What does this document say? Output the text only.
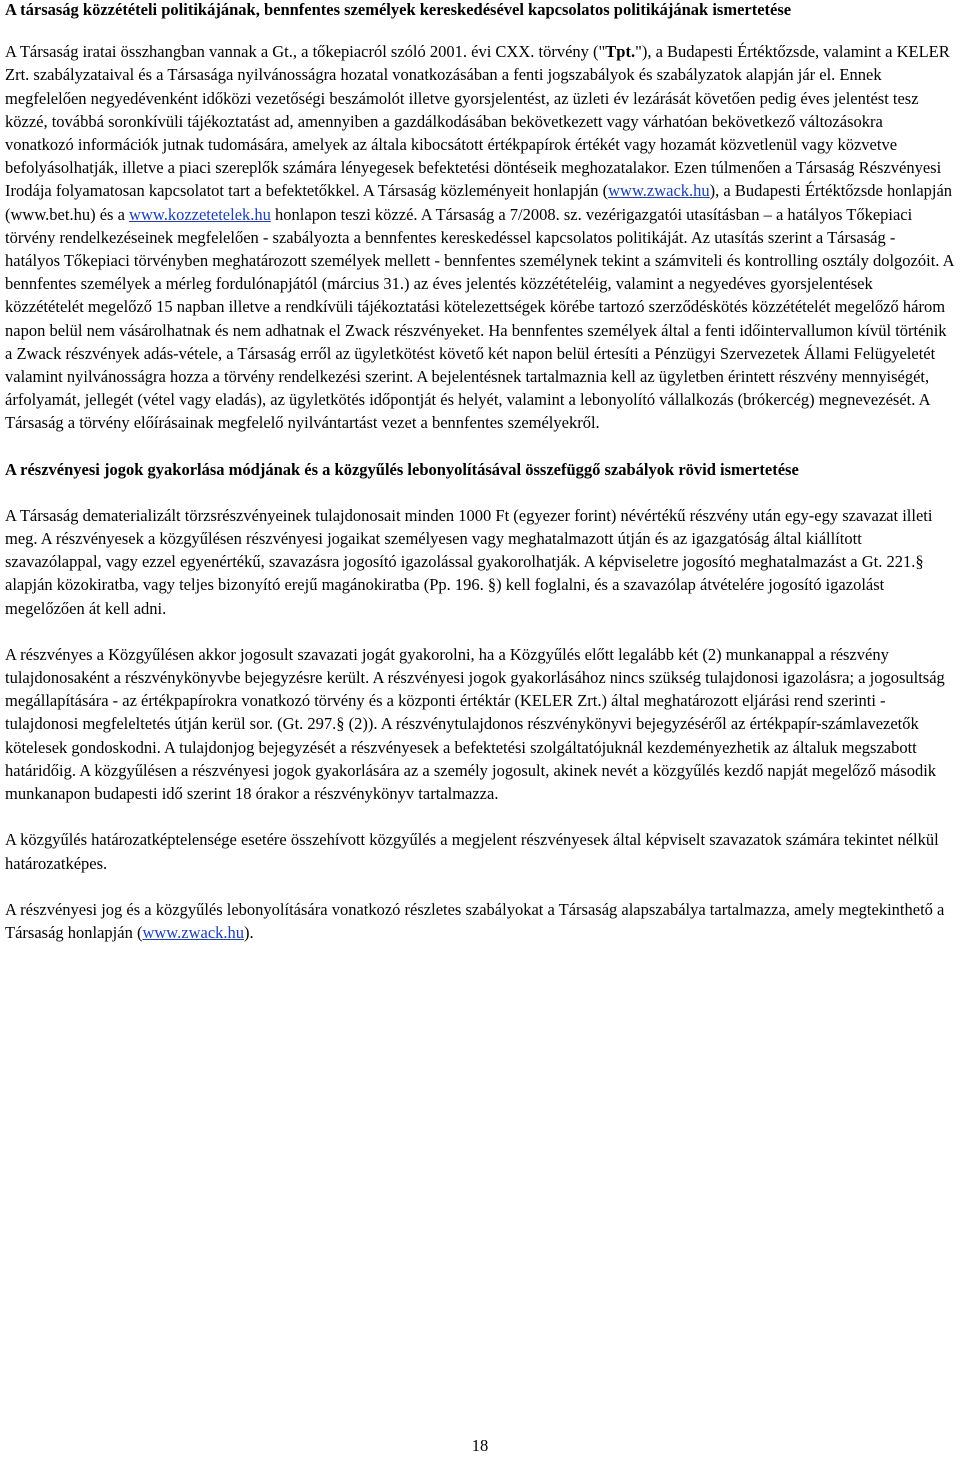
A társaság közzétételi politikájának, bennfentes személyek kereskedésével kapcsolatos politikájának ismertetése

A Társaság iratai összhangban vannak a Gt., a tőkepiacról szóló 2001. évi CXX. törvény ("Tpt."), a Budapesti Értéktőzsde, valamint a KELER Zrt. szabályzataival és a Társasága nyilvánosságra hozatal vonatkozásában a fenti jogszabályok és szabályzatok alapján jár el. Ennek megfelelően negyedévenként időközi vezetőségi beszámolót illetve gyorsjelentést, az üzleti év lezárását követően pedig éves jelentést tesz közzé, továbbá soronkívüli tájékoztatást ad, amennyiben a gazdálkodásában bekövetkezett vagy várhatóan bekövetkező változásokra vonatkozó információk jutnak tudomására, amelyek az általa kibocsátott értékpapírok értékét vagy hozamát közvetlenül vagy közvetve befolyásolhatják, illetve a piaci szereplők számára lényegesek befektetési döntéseik meghozatalakor. Ezen túlmenően a Társaság Részvényesi Irodája folyamatosan kapcsolatot tart a befektetőkkel. A Társaság közleményeit honlapján (www.zwack.hu), a Budapesti Értéktőzsde honlapján (www.bet.hu) és a www.kozzetetelek.hu honlapon teszi közzé. A Társaság a 7/2008. sz. vezérigazgatói utasításban – a hatályos Tőkepiaci törvény rendelkezéseinek megfelelően - szabályozta a bennfentes kereskedéssel kapcsolatos politikáját. Az utasítás szerint a Társaság - hatályos Tőkepiaci törvényben meghatározott személyek mellett - bennfentes személynek tekint a számviteli és kontrolling osztály dolgozóit. A bennfentes személyek a mérleg fordulónapjától (március 31.) az éves jelentés közzétételéig, valamint a negyedéves gyorsjelentések közzétételét megelőző 15 napban illetve a rendkívüli tájékoztatási kötelezettségek körébe tartozó szerződéskötés közzétételét megelőző három napon belül nem vásárolhatnak és nem adhatnak el Zwack részvényeket. Ha bennfentes személyek által a fenti időintervallumon kívül történik a Zwack részvények adás-vétele, a Társaság erről az ügyletkötést követő két napon belül értesíti a Pénzügyi Szervezetek Állami Felügyeletét valamint nyilvánosságra hozza a törvény rendelkezési szerint. A bejelentésnek tartalmaznia kell az ügyletben érintett részvény mennyiségét, árfolyamát, jellegét (vétel vagy eladás), az ügyletkötés időpontját és helyét, valamint a lebonyolító vállalkozás (brókercég) megnevezését. A Társaság a törvény előírásainak megfelelő nyilvántartást vezet a bennfentes személyekről.

A részvényesi jogok gyakorlása módjának és a közgyűlés lebonyolításával összefüggő szabályok rövid ismertetése

A Társaság dematerializált törzsrészvényeinek tulajdonosait minden 1000 Ft (egyezer forint) névértékű részvény után egy-egy szavazat illeti meg. A részvényesek a közgyűlésen részvényesi jogaikat személyesen vagy meghatalmazott útján és az igazgatóság által kiállított szavazólappal, vagy ezzel egyenértékű, szavazásra jogosító igazolással gyakorolhatják. A képviseletre jogosító meghatalmazást a Gt. 221.§ alapján közokiratba, vagy teljes bizonyító erejű magánokiratba (Pp. 196. §) kell foglalni, és a szavazólap átvételére jogosító igazolást megelőzően át kell adni.

A részvényes a Közgyűlésen akkor jogosult szavazati jogát gyakorolni, ha a Közgyűlés előtt legalább két (2) munkanappal a részvény tulajdonosaként a részvénykönyvbe bejegyzésre került. A részvényesi jogok gyakorlásához nincs szükség tulajdonosi igazolásra; a jogosultság megállapítására - az értékpapírokra vonatkozó törvény és a központi értéktár (KELER Zrt.) által meghatározott eljárási rend szerinti - tulajdonosi megfeleltetés útján kerül sor. (Gt. 297.§ (2)). A részvénytulajdonos részvénykönyvi bejegyzéséről az értékpapír-számlavezetők kötelesek gondoskodni. A tulajdonjog bejegyzését a részvényesek a befektetési szolgáltatójuknál kezdeményezhetik az általuk megszabott határidőig. A közgyűlésen a részvényesi jogok gyakorlására az a személy jogosult, akinek nevét a közgyűlés kezdő napját megelőző második munkanapon budapesti idő szerint 18 órakor a részvénykönyv tartalmazza.

A közgyűlés határozatképtelensége esetére összehívott közgyűlés a megjelent részvényesek által képviselt szavazatok számára tekintet nélkül határozatképes.

A részvényesi jog és a közgyűlés lebonyolítására vonatkozó részletes szabályokat a Társaság alapszabálya tartalmazza, amely megtekinthető a Társaság honlapján (www.zwack.hu).

18
